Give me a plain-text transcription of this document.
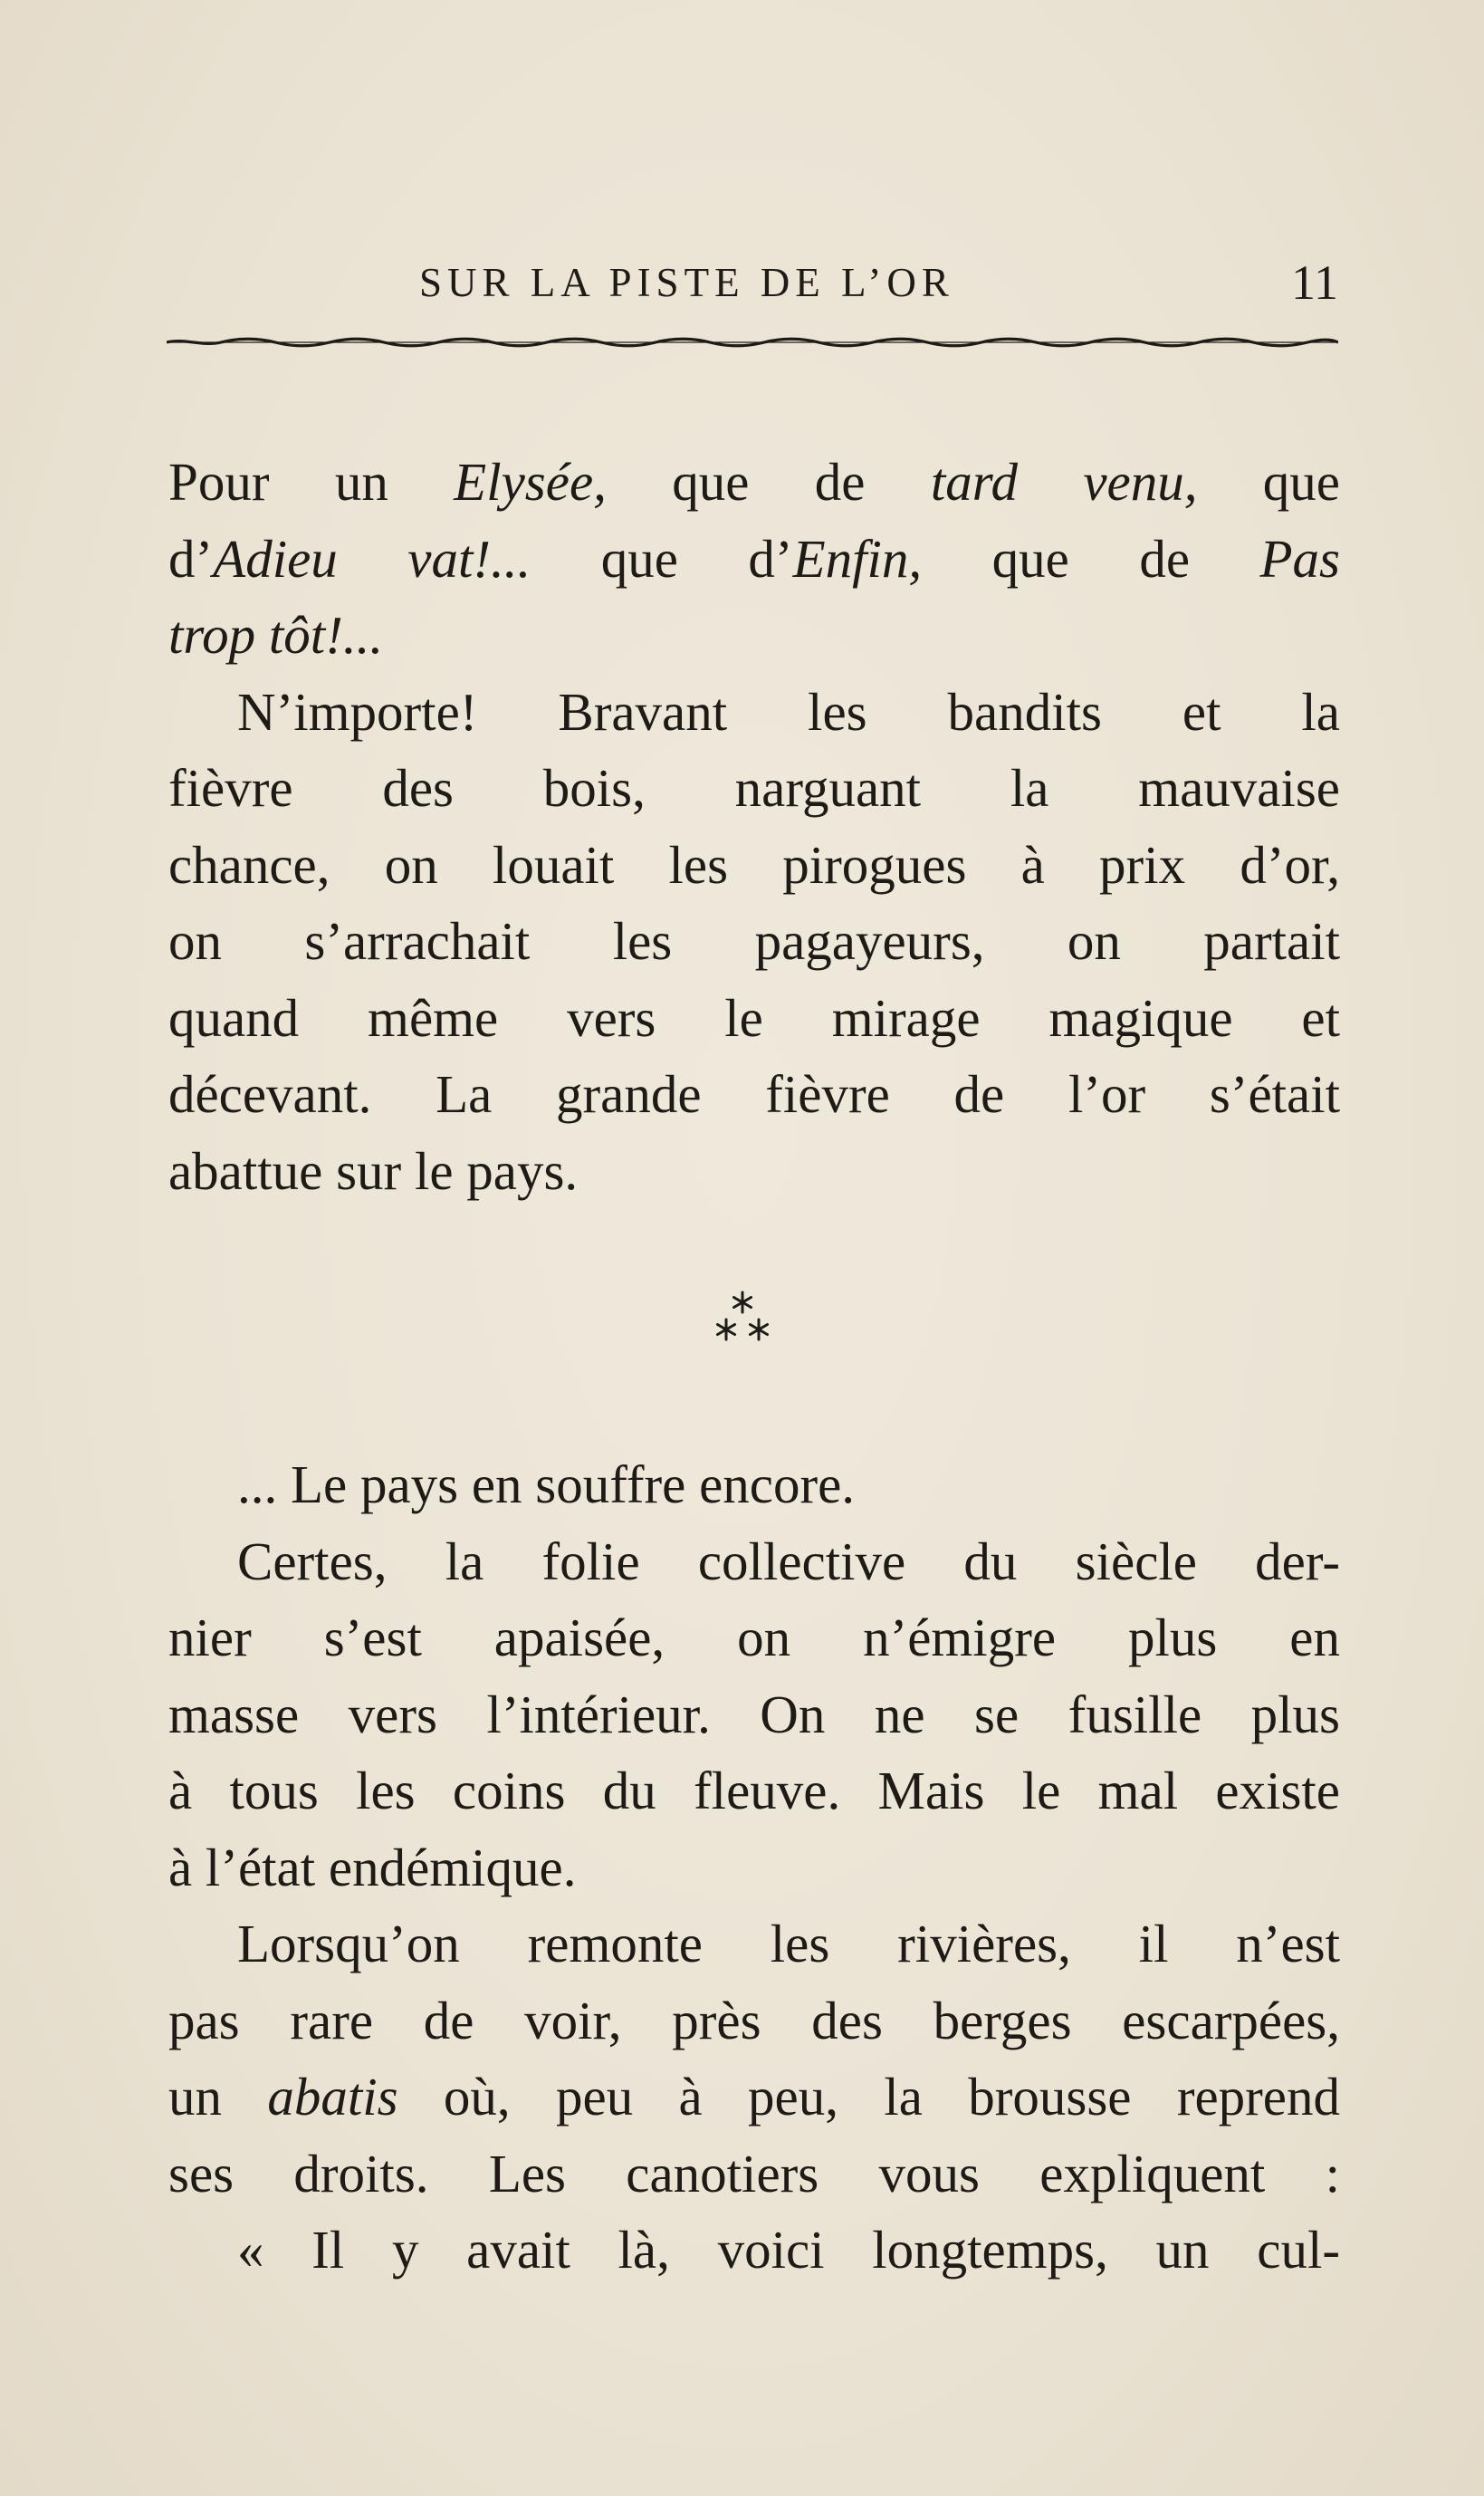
SUR LA PISTE DE L’OR	11
Pour un Elysée, que de tard venu, que
d’Adieu vat!... que d’Enfin, que de Pas
trop tôt!...
N’importe! Bravant les bandits et la
fièvre des bois, narguant la mauvaise
chance, on louait les pirogues à prix d’or,
on s’arrachait les pagayeurs, on partait
quand même vers le mirage magique et
décevant. La grande fièvre de l’or s’était
abattue sur le pays.
... Le pays en souffre encore.
Certes, la folie collective du siècle der-
nier s’est apaisée, on n’émigre plus en
masse vers l’intérieur. On ne se fusille plus
à tous les coins du fleuve. Mais le mal existe
à l’état endémique.
Lorsqu’on remonte les rivières, il n’est
pas rare de voir, près des berges escarpées,
un abatis où, peu à peu, la brousse reprend
ses droits. Les canotiers vous expliquent :
« Il y avait là, voici longtemps, un cul-
